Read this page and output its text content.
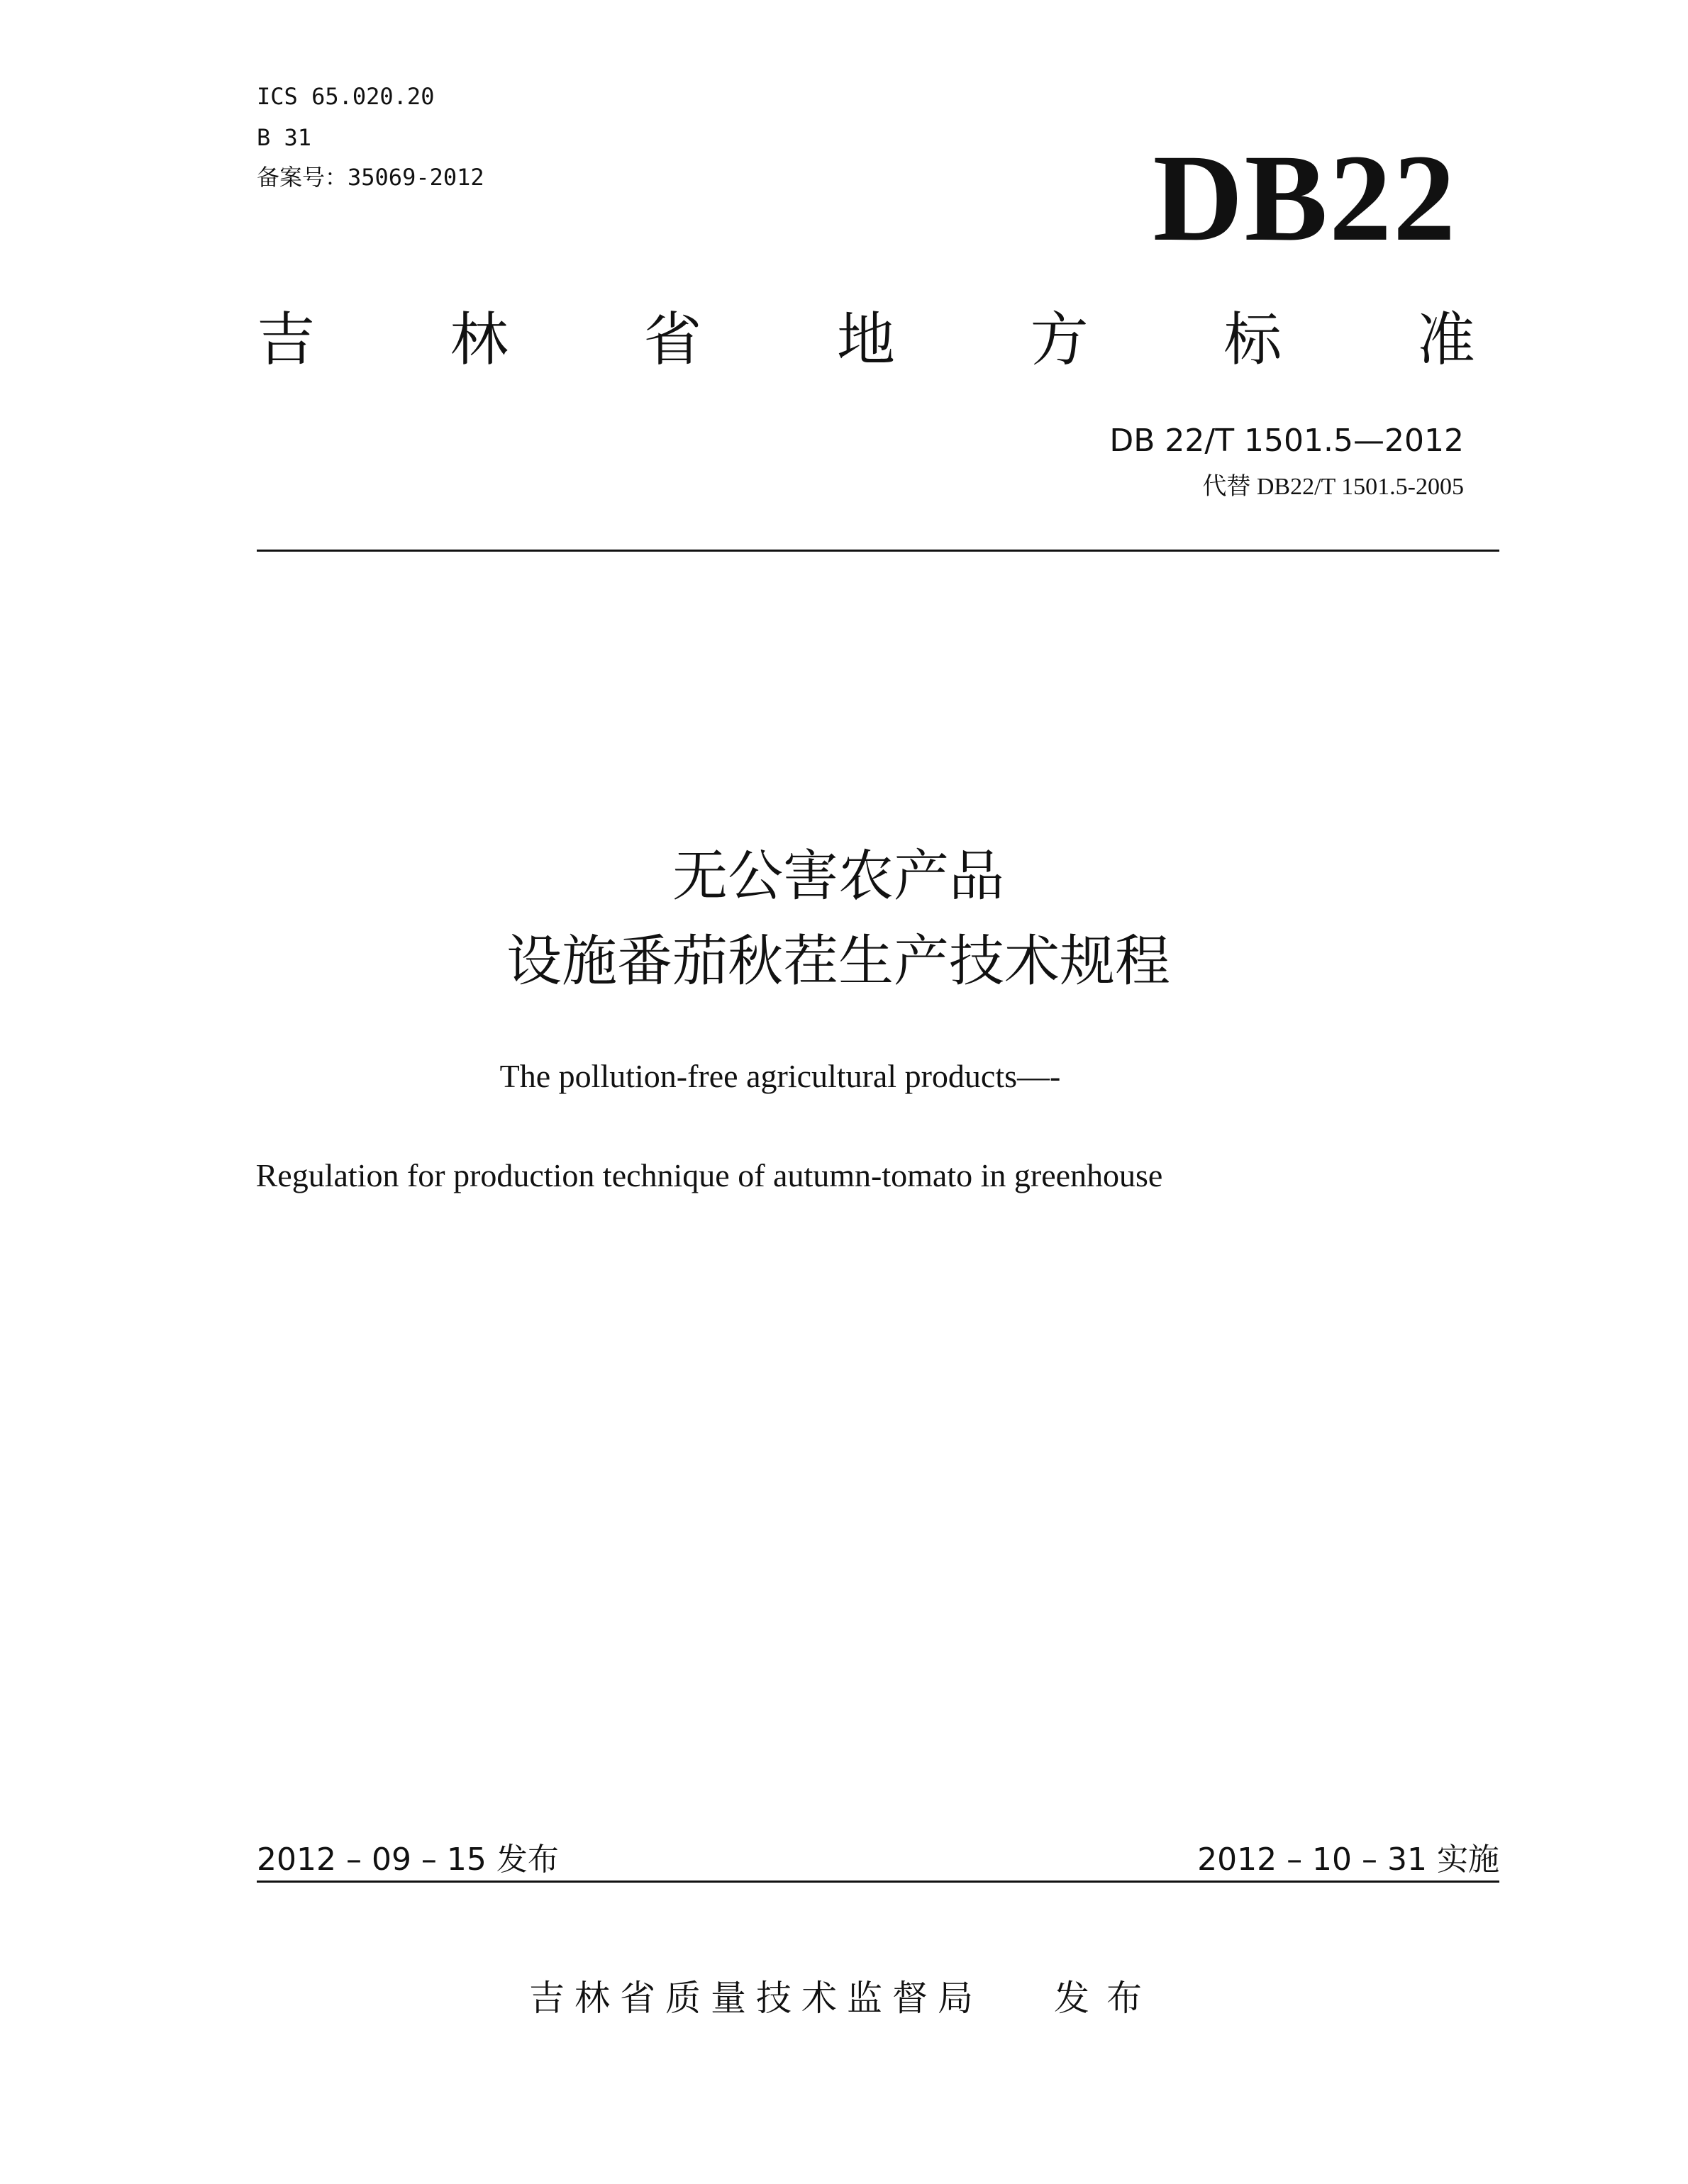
ICS 65.020.20
B 31
备案号：35069-2012	DB22
吉 林 省 地 方 标 准
DB 22/T 1501.5—2012
代替 DB22/T 1501.5-2005
无公害农产品
设施番茄秋茬生产技术规程
The pollution-free agricultural products—-
Regulation for production technique of autumn-tomato in greenhouse
2012 – 09 – 15 发布	2012 – 10 – 31 实施
吉林省质量技术监督局 发布
